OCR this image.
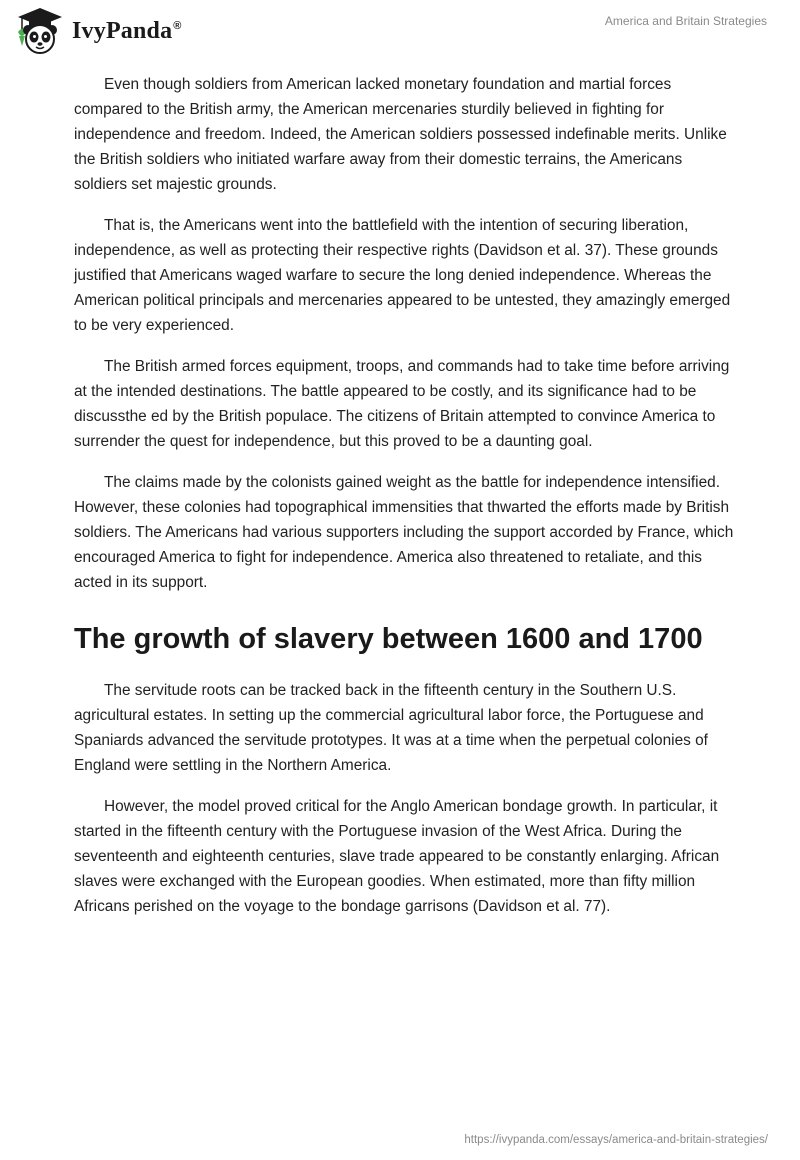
IvyPanda®	America and Britain Strategies

Even though soldiers from American lacked monetary foundation and martial forces compared to the British army, the American mercenaries sturdily believed in fighting for independence and freedom. Indeed, the American soldiers possessed indefinable merits. Unlike the British soldiers who initiated warfare away from their domestic terrains, the Americans soldiers set majestic grounds.

That is, the Americans went into the battlefield with the intention of securing liberation, independence, as well as protecting their respective rights (Davidson et al. 37). These grounds justified that Americans waged warfare to secure the long denied independence. Whereas the American political principals and mercenaries appeared to be untested, they amazingly emerged to be very experienced.

The British armed forces equipment, troops, and commands had to take time before arriving at the intended destinations. The battle appeared to be costly, and its significance had to be discussthe ed by the British populace. The citizens of Britain attempted to convince America to surrender the quest for independence, but this proved to be a daunting goal.

The claims made by the colonists gained weight as the battle for independence intensified. However, these colonies had topographical immensities that thwarted the efforts made by British soldiers. The Americans had various supporters including the support accorded by France, which encouraged America to fight for independence. America also threatened to retaliate, and this acted in its support.

The growth of slavery between 1600 and 1700

The servitude roots can be tracked back in the fifteenth century in the Southern U.S. agricultural estates. In setting up the commercial agricultural labor force, the Portuguese and Spaniards advanced the servitude prototypes. It was at a time when the perpetual colonies of England were settling in the Northern America.

However, the model proved critical for the Anglo American bondage growth. In particular, it started in the fifteenth century with the Portuguese invasion of the West Africa. During the seventeenth and eighteenth centuries, slave trade appeared to be constantly enlarging. African slaves were exchanged with the European goodies. When estimated, more than fifty million Africans perished on the voyage to the bondage garrisons (Davidson et al. 77).

https://ivypanda.com/essays/america-and-britain-strategies/
